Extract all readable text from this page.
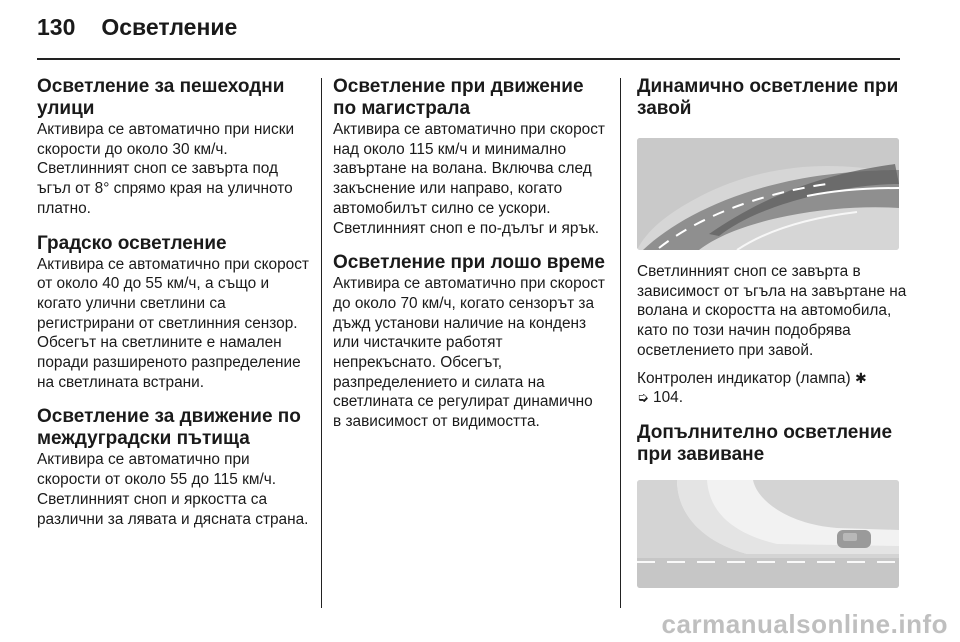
130 Осветление
Осветление за пешеходни улици

Активира се автоматично при ниски скорости до около 30 км/ч. Светлинният сноп се завърта под ъгъл от 8° спрямо края на уличното платно.

Градско осветление

Активира се автоматично при скорост от около 40 до 55 км/ч, а също и когато улични светлини са регистрирани от светлинния сензор. Обсегът на светлините е намален поради разширеното разпределение на светлината встрани.

Осветление за движение по междуградски пътища

Активира се автоматично при скорости от около 55 до 115 км/ч. Светлинният сноп и яркостта са различни за лявата и дясната страна.

Осветление при движение по магистрала

Активира се автоматично при скорост над около 115 км/ч и минимално завъртане на волана. Включва след закъснение или направо, когато автомобилът силно се ускори. Светлинният сноп е по-дълъг и ярък.

Осветление при лошо време

Активира се автоматично при скорост до около 70 км/ч, когато сензорът за дъжд установи наличие на конденз или чистачките работят непрекъснато. Обсегът, разпределението и силата на светлината се регулират динамично в зависимост от видимостта.

Динамично осветление при завой

Светлинният сноп се завърта в зависимост от ъгъла на завъртане на волана и скоростта на автомобила, като по този начин подобрява осветлението при завой.

Контролен индикатор (лампа) ✱
➭ 104.

Допълнително осветление при завиване
carmanualsonline.info
